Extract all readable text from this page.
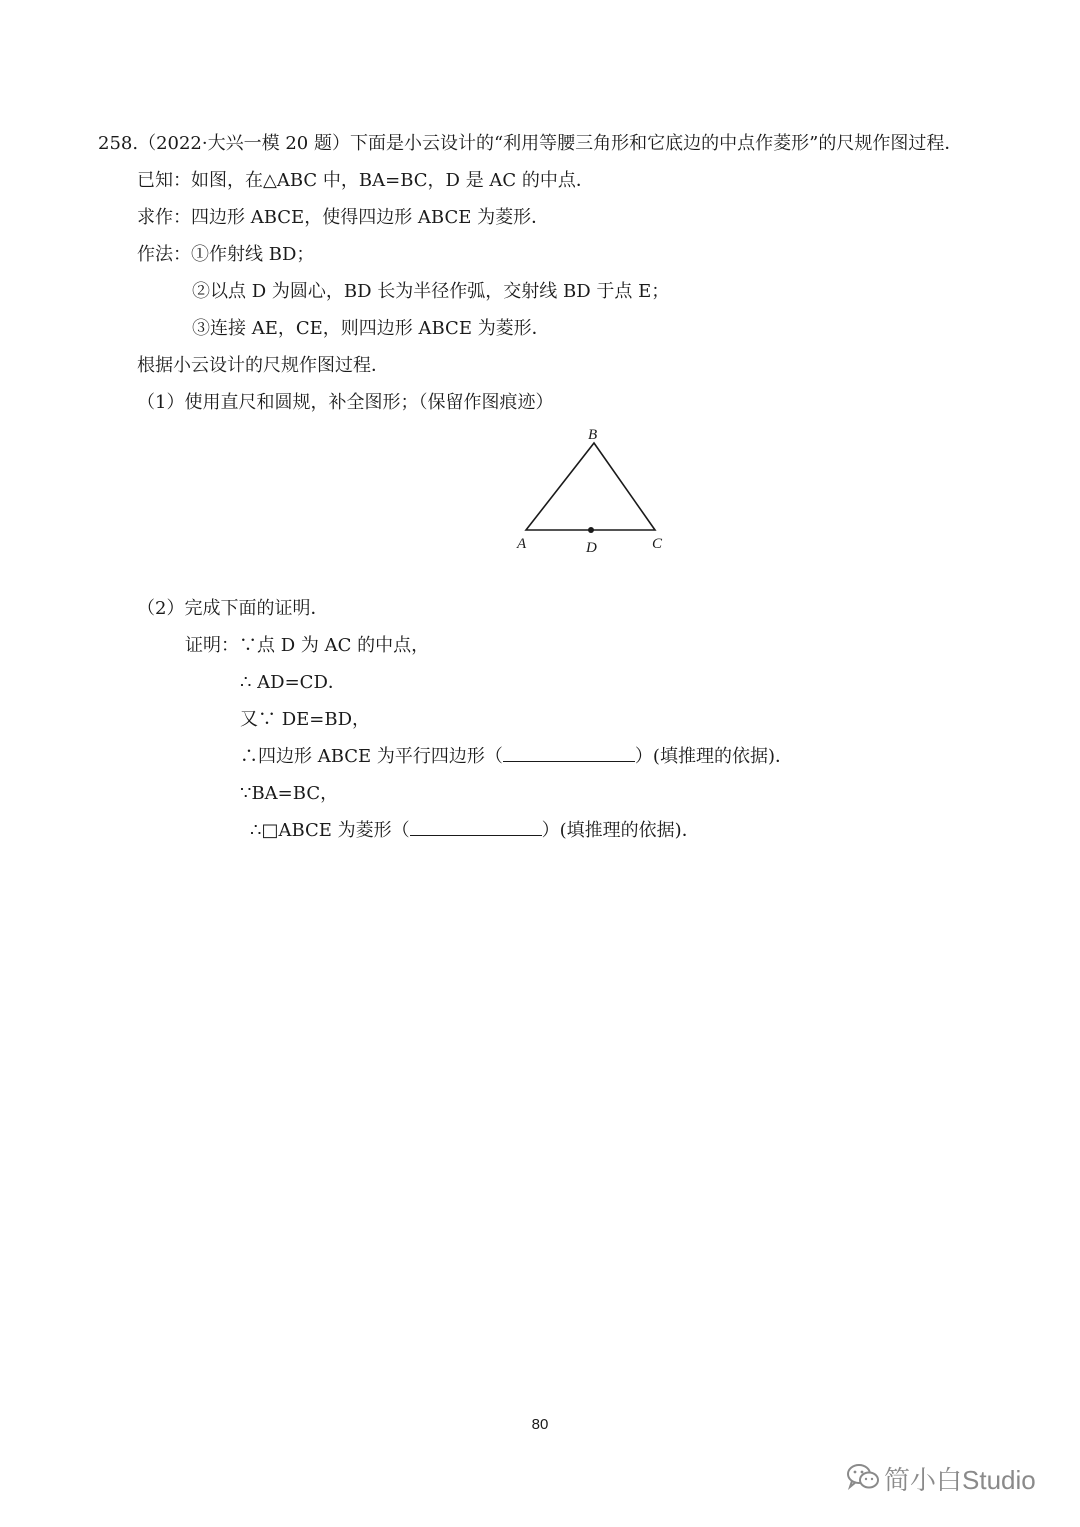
258.（2022·大兴一模 20 题）下面是小云设计的“利用等腰三角形和它底边的中点作菱形”的尺规作图过程．
已知：如图，在△ABC 中，BA=BC，D 是 AC 的中点．
求作：四边形 ABCE，使得四边形 ABCE 为菱形．
作法：①作射线 BD；
②以点 D 为圆心，BD 长为半径作弧，交射线 BD 于点 E；
③连接 AE，CE，则四边形 ABCE 为菱形．
根据小云设计的尺规作图过程．
（1）使用直尺和圆规，补全图形；（保留作图痕迹）
B
A	D	C
（2）完成下面的证明．
证明：∵点 D 为 AC 的中点，
∴ AD=CD．
又∵ DE=BD，
∴四边形 ABCE 为平行四边形（	）(填推理的依据)．
∵BA=BC，
∴□ABCE 为菱形（	）(填推理的依据)．
80
简小白Studio
